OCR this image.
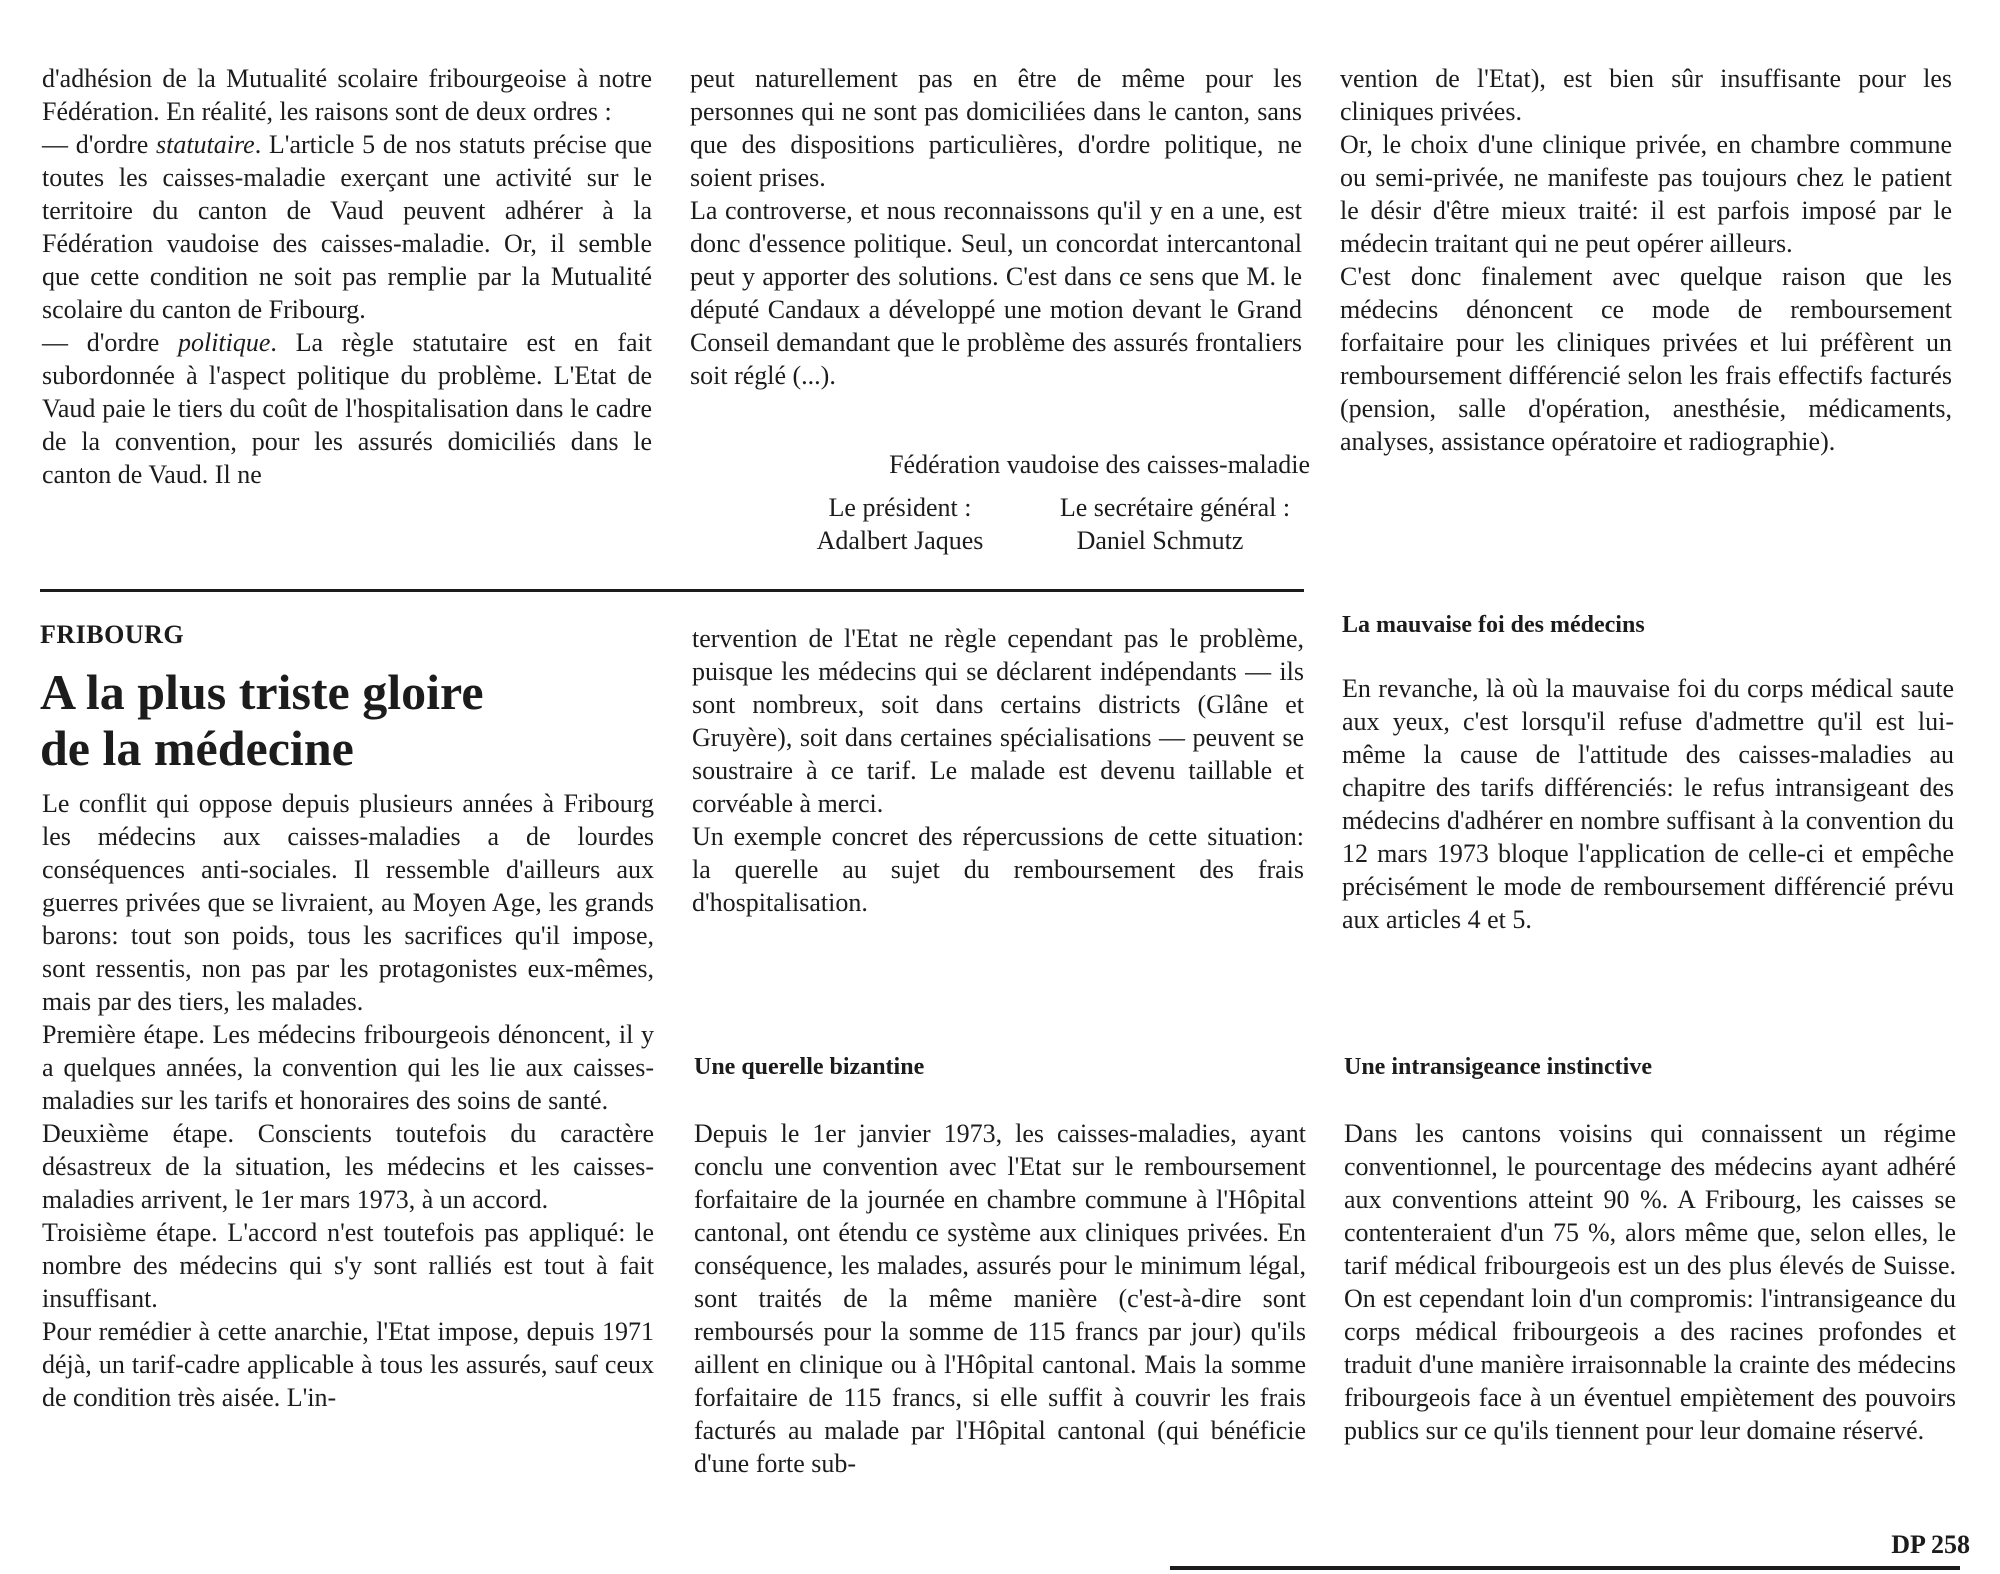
d'adhésion de la Mutualité scolaire fribourgeoise à notre Fédération. En réalité, les raisons sont de deux ordres :

— d'ordre statutaire. L'article 5 de nos statuts précise que toutes les caisses-maladie exerçant une activité sur le territoire du canton de Vaud peuvent adhérer à la Fédération vaudoise des caisses-maladie. Or, il semble que cette condition ne soit pas remplie par la Mutualité scolaire du canton de Fribourg.

— d'ordre politique. La règle statutaire est en fait subordonnée à l'aspect politique du problème. L'Etat de Vaud paie le tiers du coût de l'hospitalisation dans le cadre de la convention, pour les assurés domiciliés dans le canton de Vaud. Il ne

peut naturellement pas en être de même pour les personnes qui ne sont pas domiciliées dans le canton, sans que des dispositions particulières, d'ordre politique, ne soient prises.

La controverse, et nous reconnaissons qu'il y en a une, est donc d'essence politique. Seul, un concordat intercantonal peut y apporter des solutions. C'est dans ce sens que M. le député Candaux a développé une motion devant le Grand Conseil demandant que le problème des assurés frontaliers soit réglé (...).

Fédération vaudoise des caisses-maladie
Le président :
Adalbert Jaques
Le secrétaire général :
Daniel Schmutz

vention de l'Etat), est bien sûr insuffisante pour les cliniques privées.

Or, le choix d'une clinique privée, en chambre commune ou semi-privée, ne manifeste pas toujours chez le patient le désir d'être mieux traité: il est parfois imposé par le médecin traitant qui ne peut opérer ailleurs.

C'est donc finalement avec quelque raison que les médecins dénoncent ce mode de remboursement forfaitaire pour les cliniques privées et lui préfèrent un remboursement différencié selon les frais effectifs facturés (pension, salle d'opération, anesthésie, médicaments, analyses, assistance opératoire et radiographie).

FRIBOURG
A la plus triste gloire
de la médecine

Le conflit qui oppose depuis plusieurs années à Fribourg les médecins aux caisses-maladies a de lourdes conséquences anti-sociales. Il ressemble d'ailleurs aux guerres privées que se livraient, au Moyen Age, les grands barons: tout son poids, tous les sacrifices qu'il impose, sont ressentis, non pas par les protagonistes eux-mêmes, mais par des tiers, les malades.

Première étape. Les médecins fribourgeois dénoncent, il y a quelques années, la convention qui les lie aux caisses-maladies sur les tarifs et honoraires des soins de santé.

Deuxième étape. Conscients toutefois du caractère désastreux de la situation, les médecins et les caisses-maladies arrivent, le 1er mars 1973, à un accord.

Troisième étape. L'accord n'est toutefois pas appliqué: le nombre des médecins qui s'y sont ralliés est tout à fait insuffisant.

Pour remédier à cette anarchie, l'Etat impose, depuis 1971 déjà, un tarif-cadre applicable à tous les assurés, sauf ceux de condition très aisée. L'in-

tervention de l'Etat ne règle cependant pas le problème, puisque les médecins qui se déclarent indépendants — ils sont nombreux, soit dans certains districts (Glâne et Gruyère), soit dans certaines spécialisations — peuvent se soustraire à ce tarif. Le malade est devenu taillable et corvéable à merci.

Un exemple concret des répercussions de cette situation: la querelle au sujet du remboursement des frais d'hospitalisation.

Une querelle bizantine

Depuis le 1er janvier 1973, les caisses-maladies, ayant conclu une convention avec l'Etat sur le remboursement forfaitaire de la journée en chambre commune à l'Hôpital cantonal, ont étendu ce système aux cliniques privées. En conséquence, les malades, assurés pour le minimum légal, sont traités de la même manière (c'est-à-dire sont remboursés pour la somme de 115 francs par jour) qu'ils aillent en clinique ou à l'Hôpital cantonal. Mais la somme forfaitaire de 115 francs, si elle suffit à couvrir les frais facturés au malade par l'Hôpital cantonal (qui bénéficie d'une forte sub-

La mauvaise foi des médecins

En revanche, là où la mauvaise foi du corps médical saute aux yeux, c'est lorsqu'il refuse d'admettre qu'il est lui-même la cause de l'attitude des caisses-maladies au chapitre des tarifs différenciés: le refus intransigeant des médecins d'adhérer en nombre suffisant à la convention du 12 mars 1973 bloque l'application de celle-ci et empêche précisément le mode de remboursement différencié prévu aux articles 4 et 5.

Une intransigeance instinctive

Dans les cantons voisins qui connaissent un régime conventionnel, le pourcentage des médecins ayant adhéré aux conventions atteint 90 %. A Fribourg, les caisses se contenteraient d'un 75 %, alors même que, selon elles, le tarif médical fribourgeois est un des plus élevés de Suisse. On est cependant loin d'un compromis: l'intransigeance du corps médical fribourgeois a des racines profondes et traduit d'une manière irraisonnable la crainte des médecins fribourgeois face à un éventuel empiètement des pouvoirs publics sur ce qu'ils tiennent pour leur domaine réservé.

DP 258
